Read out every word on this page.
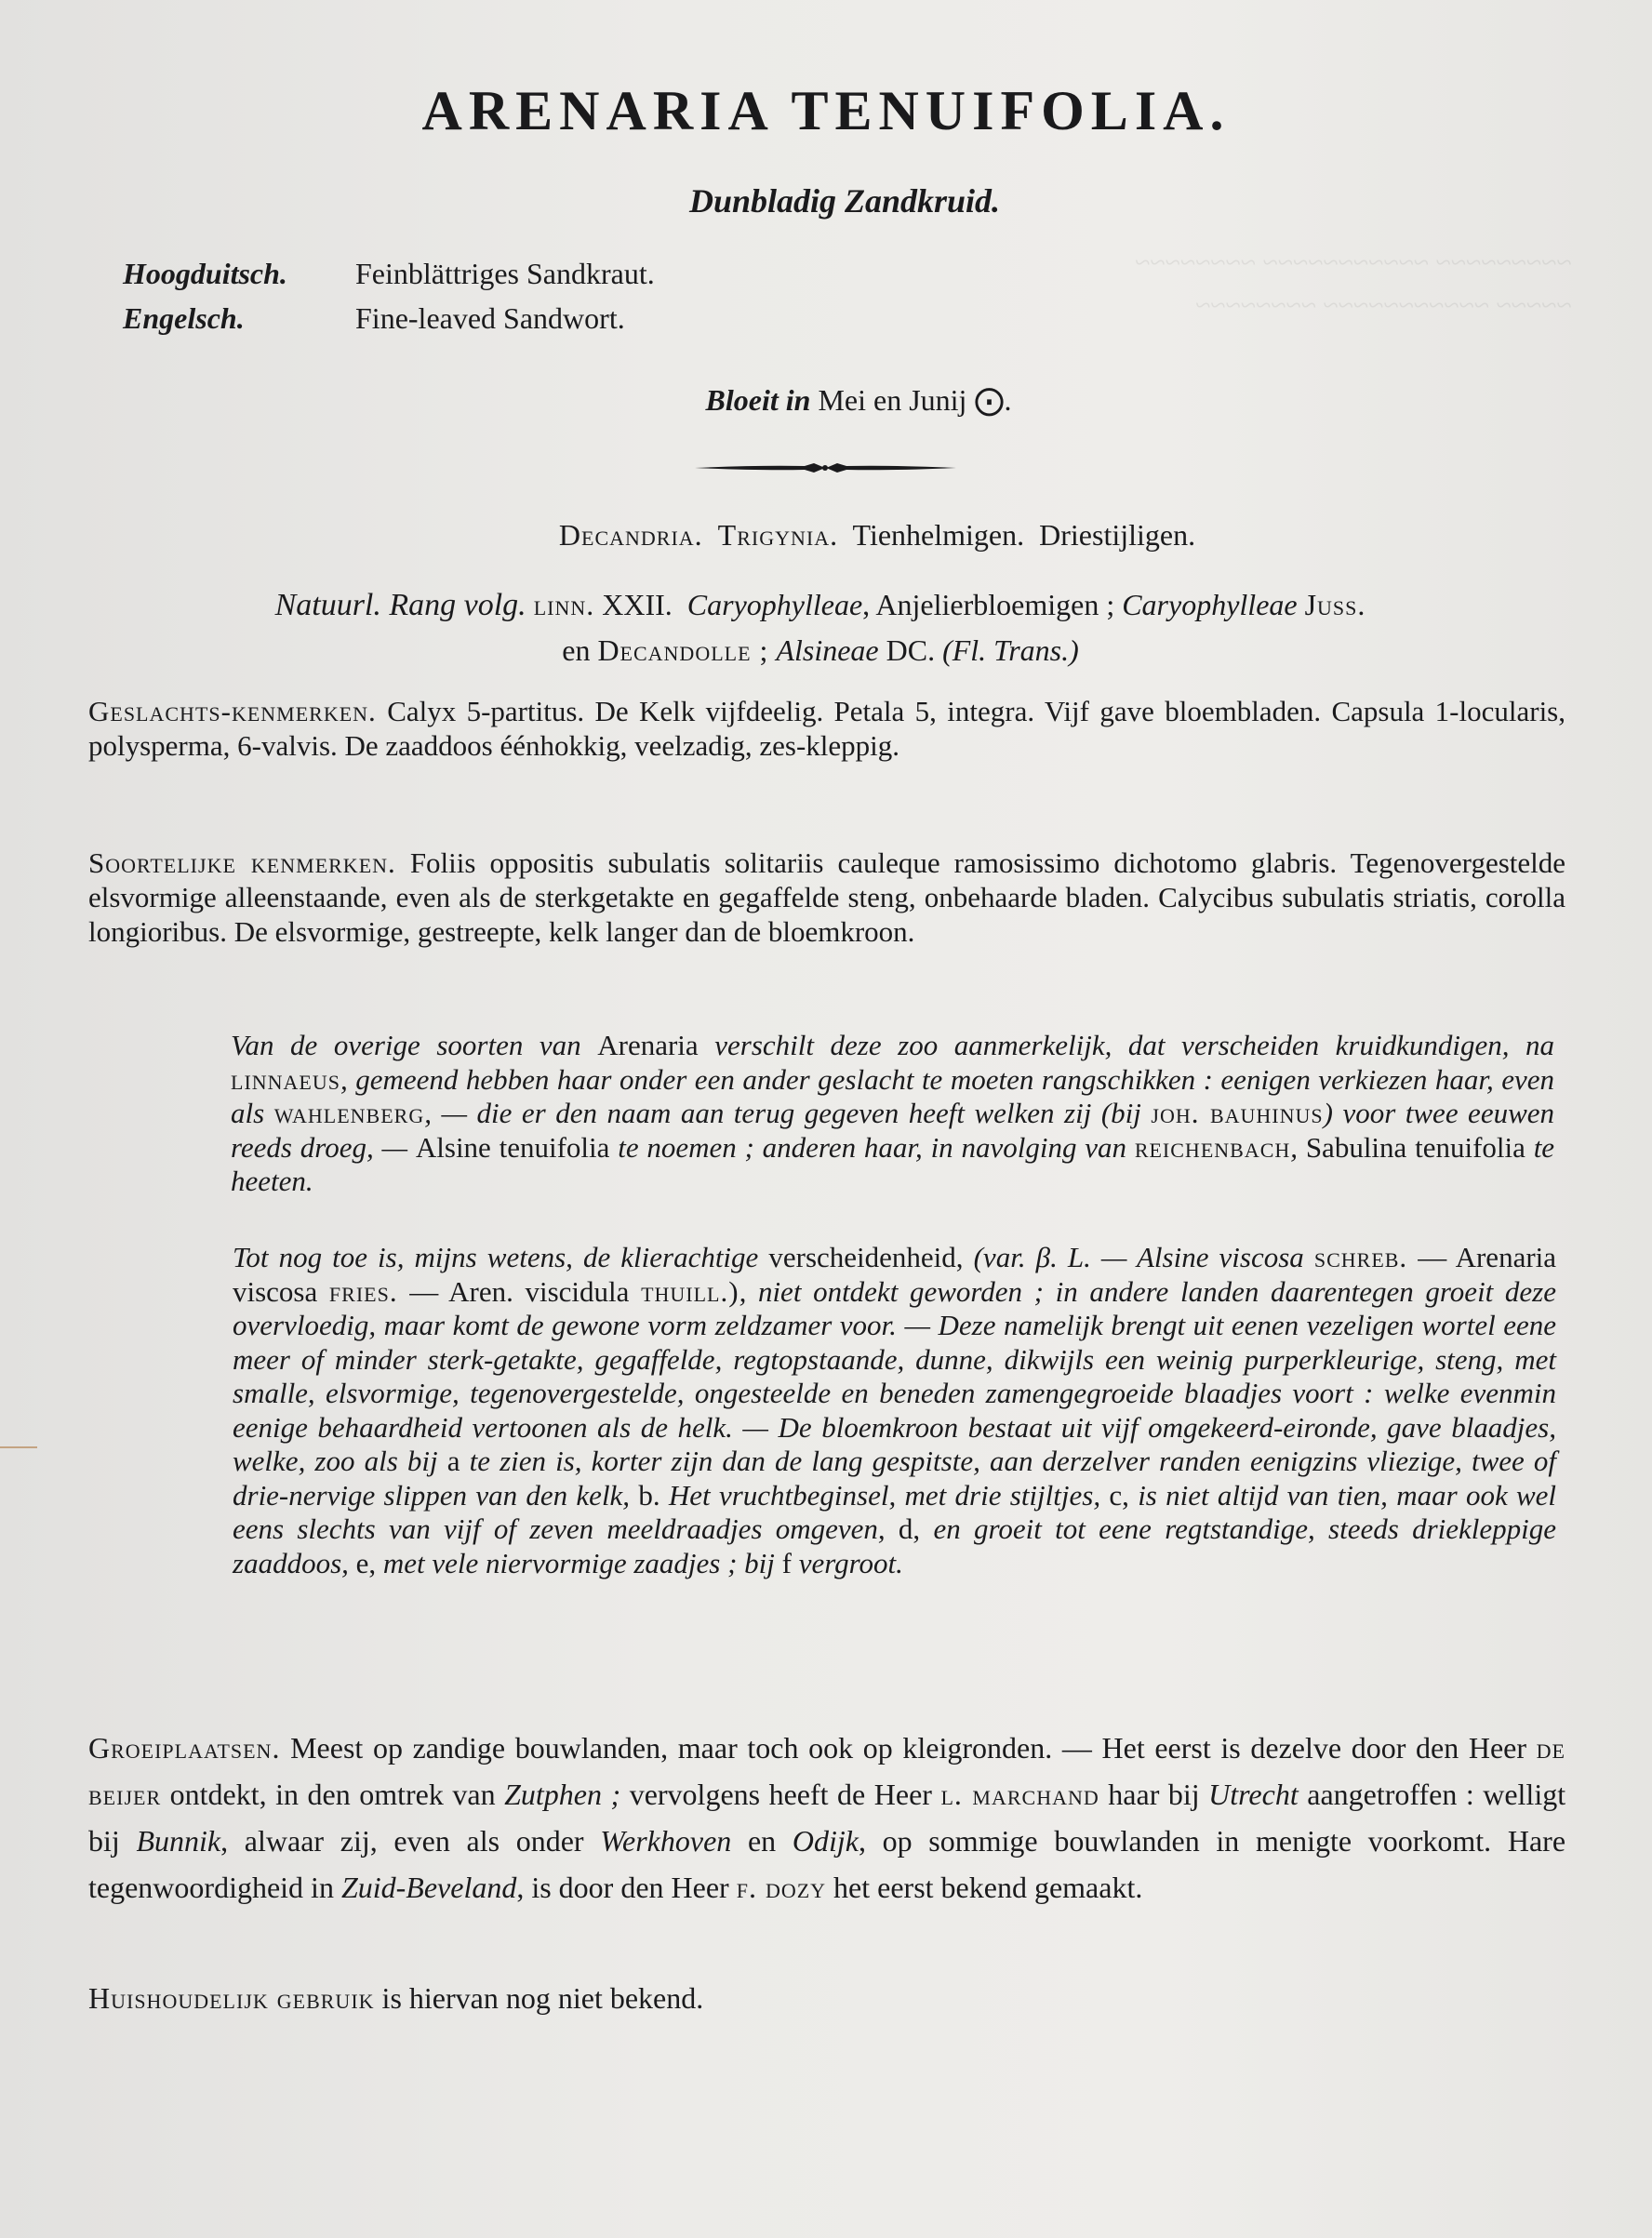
~~~~~~~~~ ~~~~~~~~~~~ ~~~~~~~~
~~~~~ ~~~~~~~~~~~ ~~~~~~~~
ARENARIA TENUIFOLIA.
Dunbladig Zandkruid.
Hoogduitsch.	Feinblättriges Sandkraut.
Engelsch.	Fine-leaved Sandwort.
Bloeit in Mei en Junij ⨀.
Decandria. Trigynia. Tienhelmigen. Driestijligen.
Natuurl. Rang volg. linn. XXII. Caryophylleae, Anjelierbloemigen ; Caryophylleae Juss.
en Decandolle ; Alsineae DC. (Fl. Trans.)
Geslachts-kenmerken. Calyx 5-partitus. De Kelk vijfdeelig. Petala 5, integra. Vijf gave bloembladen. Capsula 1-locularis, polysperma, 6-valvis. De zaaddoos éénhokkig, veelzadig, zes-kleppig.
Soortelijke kenmerken. Foliis oppositis subulatis solitariis cauleque ramosissimo dichotomo glabris. Tegenovergestelde elsvormige alleenstaande, even als de sterkgetakte en gegaffelde steng, onbehaarde bladen. Calycibus subulatis striatis, corolla longioribus. De elsvormige, gestreepte, kelk langer dan de bloemkroon.
Van de overige soorten van Arenaria verschilt deze zoo aanmerkelijk, dat verscheiden kruidkundigen, na linnaeus, gemeend hebben haar onder een ander geslacht te moeten rangschikken : eenigen verkiezen haar, even als wahlenberg, — die er den naam aan terug gegeven heeft welken zij (bij joh. bauhinus) voor twee eeuwen reeds droeg, — Alsine tenuifolia te noemen ; anderen haar, in navolging van reichenbach, Sabulina tenuifolia te heeten.
Tot nog toe is, mijns wetens, de klierachtige verscheidenheid, (var. β. L. — Alsine viscosa schreb. — Arenaria viscosa fries. — Aren. viscidula thuill.), niet ontdekt geworden ; in andere landen daarentegen groeit deze overvloedig, maar komt de gewone vorm zeldzamer voor. — Deze namelijk brengt uit eenen vezeligen wortel eene meer of minder sterk-getakte, gegaffelde, regtopstaande, dunne, dikwijls een weinig purperkleurige, steng, met smalle, elsvormige, tegenovergestelde, ongesteelde en beneden zamengegroeide blaadjes voort : welke evenmin eenige behaardheid vertoonen als de helk. — De bloemkroon bestaat uit vijf omgekeerd-eironde, gave blaadjes, welke, zoo als bij a te zien is, korter zijn dan de lang gespitste, aan derzelver randen eenigzins vliezige, twee of drie-nervige slippen van den kelk, b. Het vruchtbeginsel, met drie stijltjes, c, is niet altijd van tien, maar ook wel eens slechts van vijf of zeven meeldraadjes omgeven, d, en groeit tot eene regtstandige, steeds driekleppige zaaddoos, e, met vele niervormige zaadjes ; bij f vergroot.
Groeiplaatsen. Meest op zandige bouwlanden, maar toch ook op kleigronden. — Het eerst is dezelve door den Heer de beijer ontdekt, in den omtrek van Zutphen ; vervolgens heeft de Heer l. marchand haar bij Utrecht aangetroffen : welligt bij Bunnik, alwaar zij, even als onder Werkhoven en Odijk, op sommige bouwlanden in menigte voorkomt. Hare tegenwoordigheid in Zuid-Beveland, is door den Heer f. dozy het eerst bekend gemaakt.
Huishoudelijk gebruik is hiervan nog niet bekend.
